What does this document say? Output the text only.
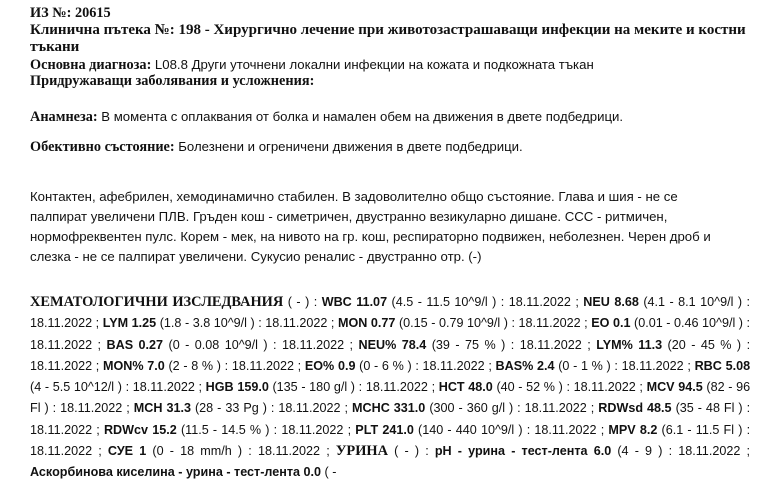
ИЗ №: 20615
Клинична пътека №: 198 - Хирургично лечение при животозастрашаващи инфекции на меките и костни
тъкани
Основна диагноза: L08.8 Други уточнени локални инфекции на кожата и подкожната тъкан
Придружаващи заболявания и усложнения:
Анамнеза: В момента с оплаквания от болка и намален обем на движения в двете подбедрици.
Обективно състояние: Болезнени и огреничени движения в двете подбедрици.
Контактен, афебрилен, хемодинамично стабилен. В задоволително общо състояние. Глава и шия - не се
палпират увеличени ПЛВ. Гръден кош - симетричен, двустранно везикуларно дишане. ССС - ритмичен,
нормофреквентен пулс. Корем - мек, на нивото на гр. кош, респираторно подвижен, неболезнен. Черен дроб и
слезка - не се палпират увеличени. Сукусио реналис - двустранно отр. (-)
ХЕМАТОЛОГИЧНИ ИЗСЛЕДВАНИЯ ( - ) : WBC 11.07 (4.5 - 11.5 10^9/l ) : 18.11.2022 ; NEU 8.68 (4.1 - 8.1 10^9/l ) : 18.11.2022 ; LYM 1.25 (1.8 - 3.8 10^9/l ) : 18.11.2022 ; MON 0.77 (0.15 - 0.79 10^9/l ) : 18.11.2022 ; EO 0.1 (0.01 - 0.46 10^9/l ) : 18.11.2022 ; BAS 0.27 (0 - 0.08 10^9/l ) : 18.11.2022 ; NEU% 78.4 (39 - 75 % ) : 18.11.2022 ; LYM% 11.3 (20 - 45 % ) : 18.11.2022 ; MON% 7.0 (2 - 8 % ) : 18.11.2022 ; EO% 0.9 (0 - 6 % ) : 18.11.2022 ; BAS% 2.4 (0 - 1 % ) : 18.11.2022 ; RBC 5.08 (4 - 5.5 10^12/l ) : 18.11.2022 ; HGB 159.0 (135 - 180 g/l ) : 18.11.2022 ; HCT 48.0 (40 - 52 % ) : 18.11.2022 ; MCV 94.5 (82 - 96 Fl ) : 18.11.2022 ; MCH 31.3 (28 - 33 Pg ) : 18.11.2022 ; MCHC 331.0 (300 - 360 g/l ) : 18.11.2022 ; RDWsd 48.5 (35 - 48 Fl ) : 18.11.2022 ; RDWcv 15.2 (11.5 - 14.5 % ) : 18.11.2022 ; PLT 241.0 (140 - 440 10^9/l ) : 18.11.2022 ; MPV 8.2 (6.1 - 11.5 Fl ) : 18.11.2022 ; СУЕ 1 (0 - 18 mm/h ) : 18.11.2022 ; УРИНА ( - ) : pH - урина - тест-лента 6.0 (4 - 9 ) : 18.11.2022 ; Аскорбинова киселина - урина - тест-лента 0.0 ( -
